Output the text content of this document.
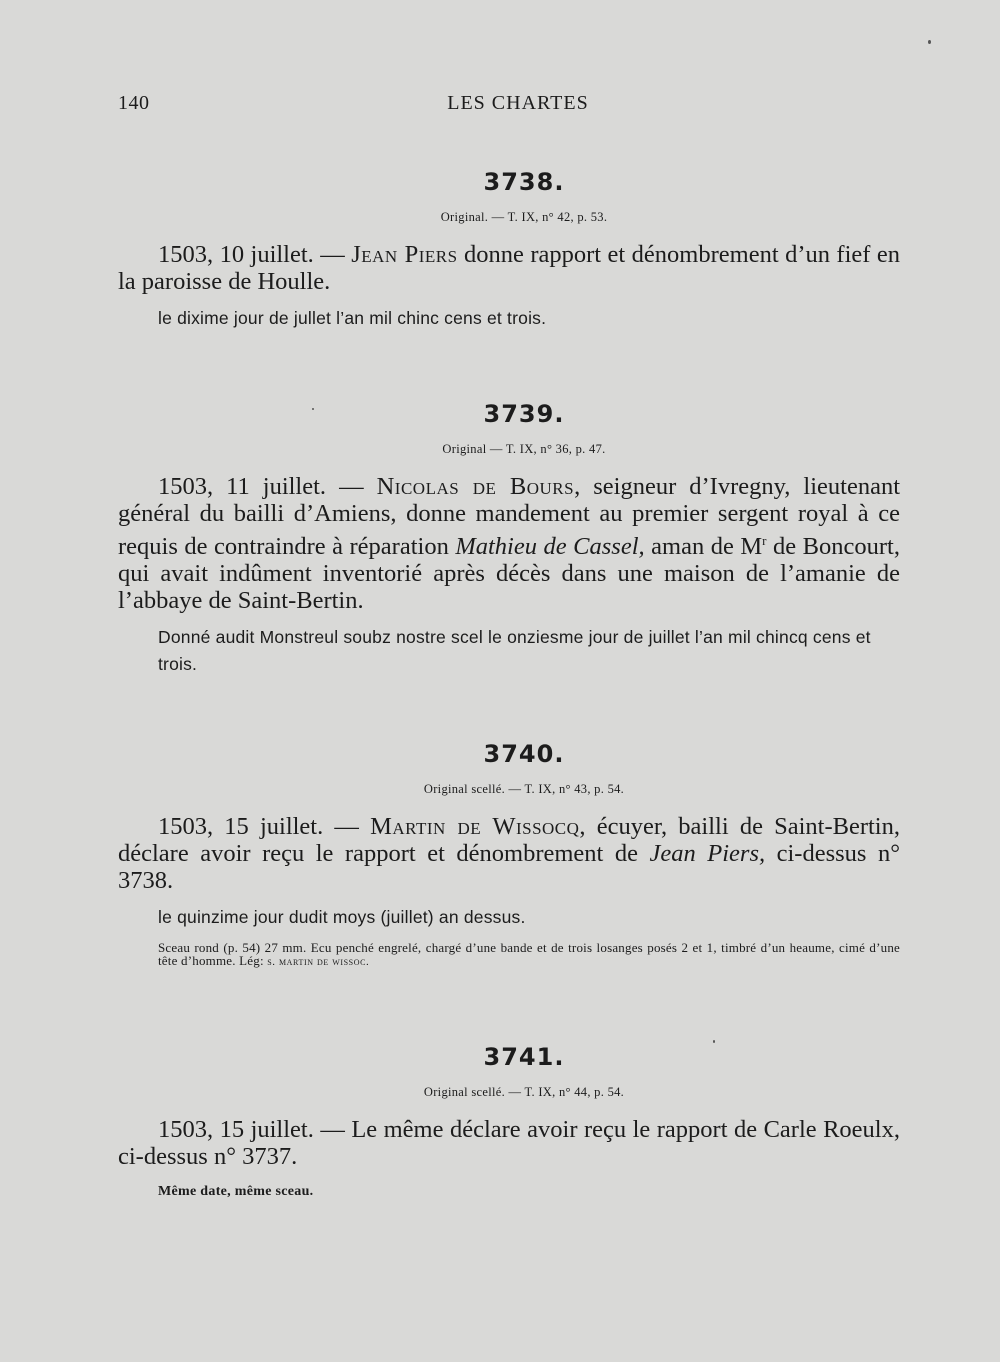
140	LES CHARTES
3738.
Original. — T. IX, n° 42, p. 53.
1503, 10 juillet. — Jean Piers donne rapport et dénombrement d’un fief en la paroisse de Houlle.
le dixime jour de jullet l’an mil chinc cens et trois.
3739.
Original — T. IX, n° 36, p. 47.
1503, 11 juillet. — Nicolas de Bours, seigneur d’Ivregny, lieutenant général du bailli d’Amiens, donne mandement au premier sergent royal à ce requis de contraindre à réparation Mathieu de Cassel, aman de $M^r$ de Boncourt, qui avait indûment inventorié après décès dans une maison de l’amanie de l’abbaye de Saint-Bertin.
Donné audit Monstreul soubz nostre scel le onziesme jour de juillet l’an mil chincq cens et trois.
3740.
Original scellé. — T. IX, n° 43, p. 54.
1503, 15 juillet. — Martin de Wissocq, écuyer, bailli de Saint-Bertin, déclare avoir reçu le rapport et dénombrement de Jean Piers, ci-dessus n° 3738.
le quinzime jour dudit moys (juillet) an dessus.
Sceau rond (p. 54) 27 mm. Ecu penché engrelé, chargé d’une bande et de trois losanges posés 2 et 1, timbré d’un heaume, cimé d’une tête d’homme. Lég: s. martin de wissoc.
3741.
Original scellé. — T. IX, n° 44, p. 54.
1503, 15 juillet. — Le même déclare avoir reçu le rapport de Carle Roeulx, ci-dessus n° 3737.
Même date, même sceau.
